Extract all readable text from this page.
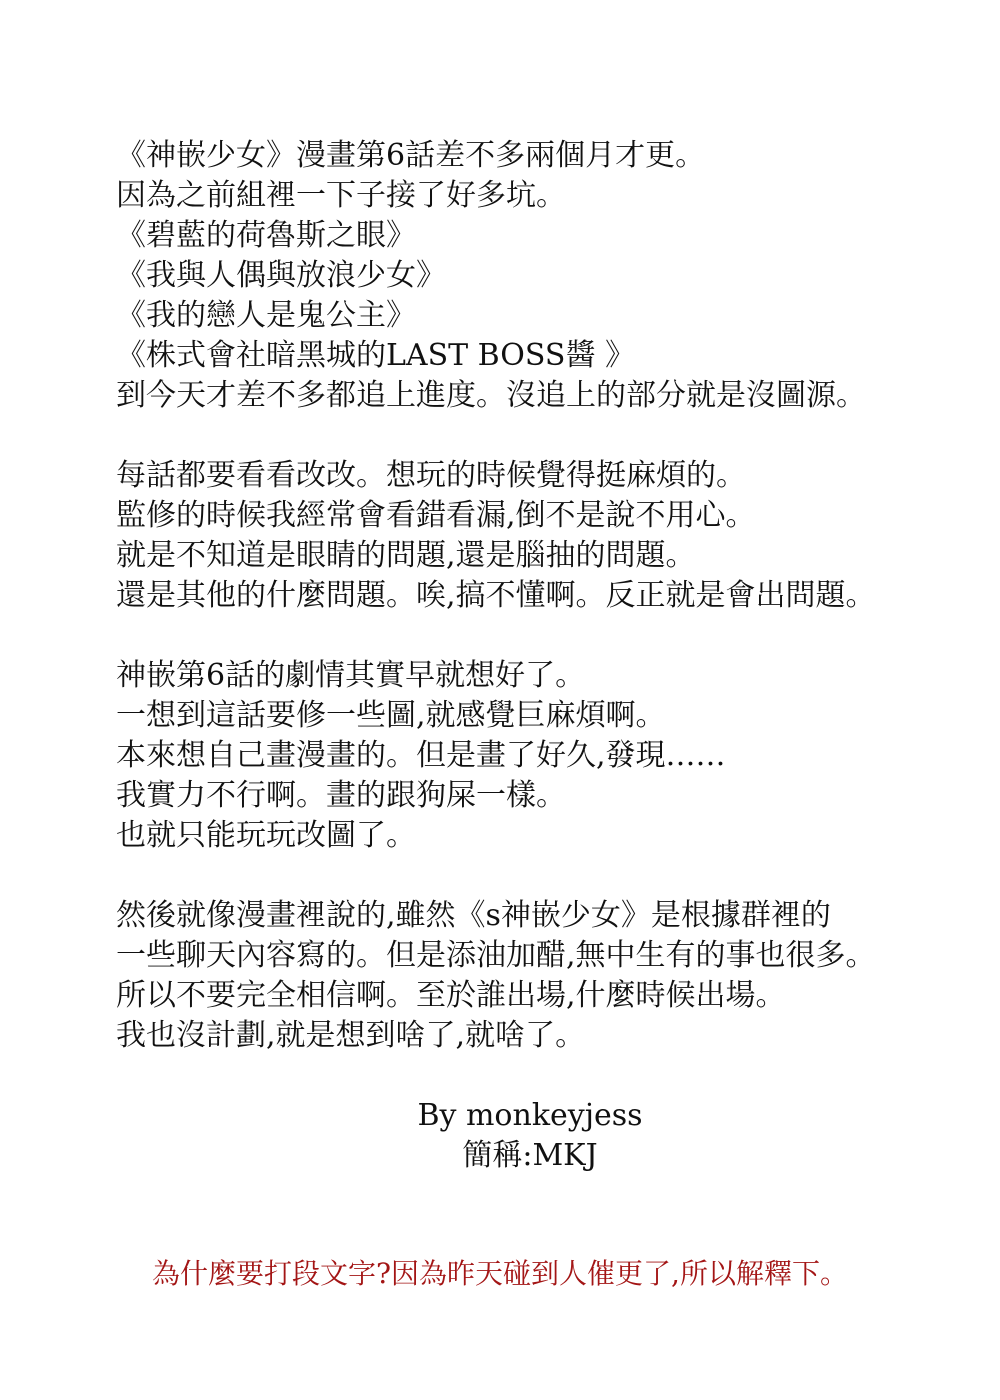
《神嵌少女》漫畫第6話差不多兩個月才更。
因為之前組裡一下子接了好多坑。
《碧藍的荷魯斯之眼》
《我與人偶與放浪少女》
《我的戀人是鬼公主》
《株式會社暗黑城的LAST BOSS醬 》
到今天才差不多都追上進度。沒追上的部分就是沒圖源。
每話都要看看改改。想玩的時候覺得挺麻煩的。
監修的時候我經常會看錯看漏,倒不是說不用心。
就是不知道是眼睛的問題,還是腦抽的問題。
還是其他的什麼問題。唉,搞不懂啊。反正就是會出問題。
神嵌第6話的劇情其實早就想好了。
一想到這話要修一些圖,就感覺巨麻煩啊。
本來想自己畫漫畫的。但是畫了好久,發現……
我實力不行啊。畫的跟狗屎一樣。
也就只能玩玩改圖了。
然後就像漫畫裡說的,雖然《s神嵌少女》是根據群裡的
一些聊天內容寫的。但是添油加醋,無中生有的事也很多。
所以不要完全相信啊。至於誰出場,什麼時候出場。
我也沒計劃,就是想到啥了,就啥了。
By monkeyjess
簡稱:MKJ
為什麼要打段文字?因為昨天碰到人催更了,所以解釋下。
